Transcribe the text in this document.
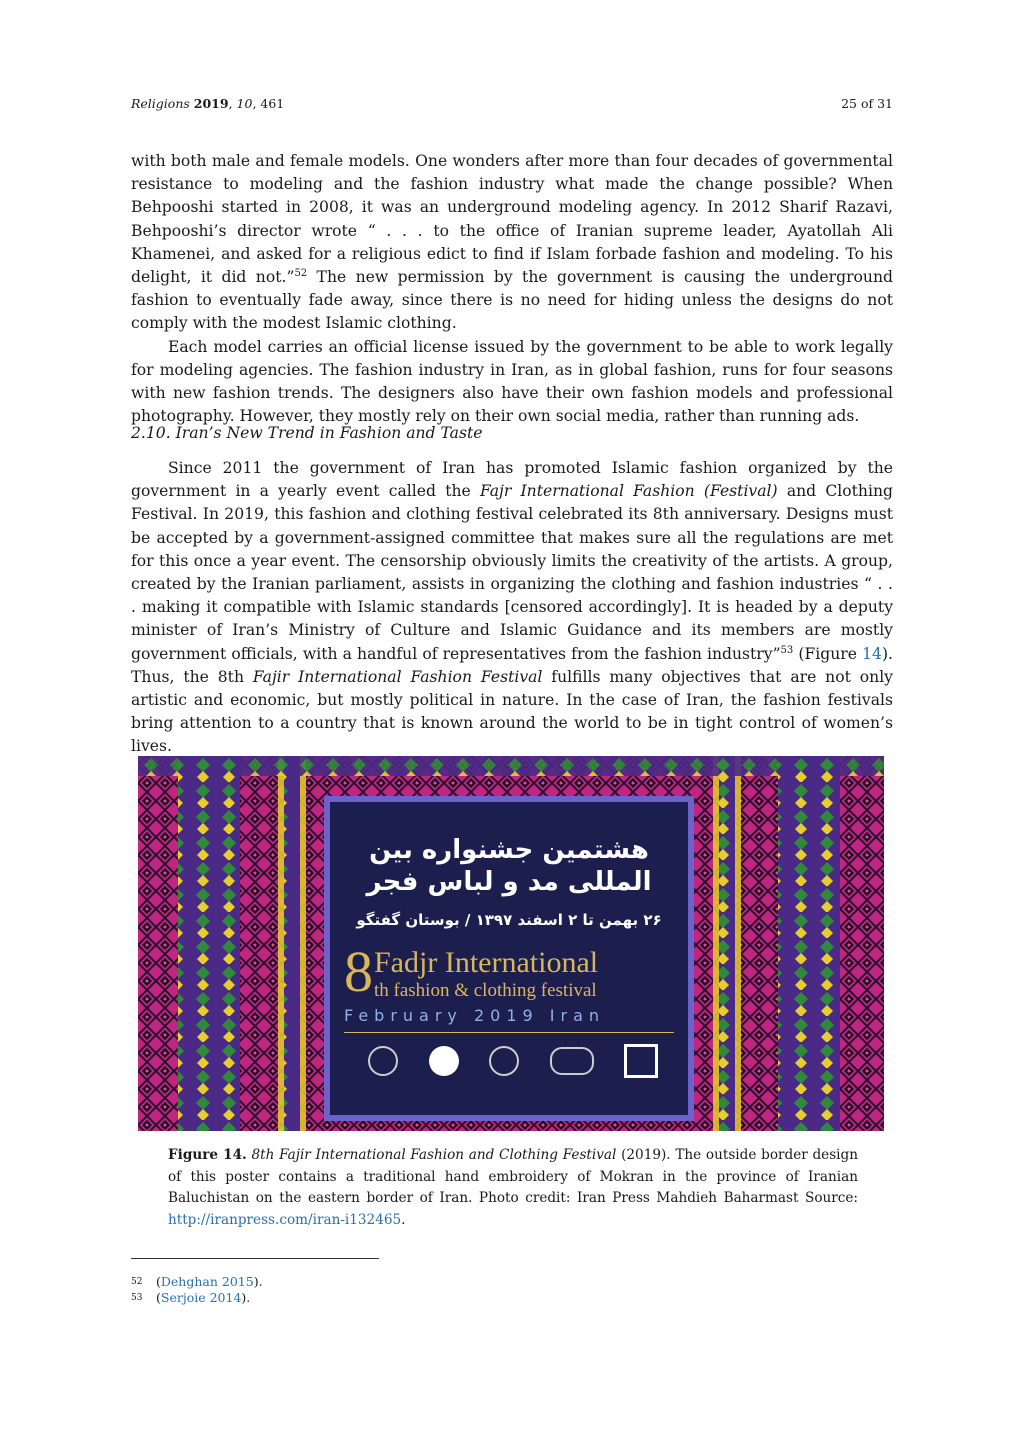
Religions 2019, 10, 461	25 of 31

with both male and female models. One wonders after more than four decades of governmental resistance to modeling and the fashion industry what made the change possible? When Behpooshi started in 2008, it was an underground modeling agency. In 2012 Sharif Razavi, Behpooshi’s director wrote “ . . . to the office of Iranian supreme leader, Ayatollah Ali Khamenei, and asked for a religious edict to find if Islam forbade fashion and modeling. To his delight, it did not.”$^{52}$ The new permission by the government is causing the underground fashion to eventually fade away, since there is no need for hiding unless the designs do not comply with the modest Islamic clothing.

Each model carries an official license issued by the government to be able to work legally for modeling agencies. The fashion industry in Iran, as in global fashion, runs for four seasons with new fashion trends. The designers also have their own fashion models and professional photography. However, they mostly rely on their own social media, rather than running ads.

2.10. Iran’s New Trend in Fashion and Taste

Since 2011 the government of Iran has promoted Islamic fashion organized by the government in a yearly event called the Fajr International Fashion (Festival) and Clothing Festival. In 2019, this fashion and clothing festival celebrated its 8th anniversary. Designs must be accepted by a government-assigned committee that makes sure all the regulations are met for this once a year event. The censorship obviously limits the creativity of the artists. A group, created by the Iranian parliament, assists in organizing the clothing and fashion industries “ . . . making it compatible with Islamic standards [censored accordingly]. It is headed by a deputy minister of Iran’s Ministry of Culture and Islamic Guidance and its members are mostly government officials, with a handful of representatives from the fashion industry”$^{53}$ (Figure 14). Thus, the 8th Fajir International Fashion Festival fulfills many objectives that are not only artistic and economic, but mostly political in nature. In the case of Iran, the fashion festivals bring attention to a country that is known around the world to be in tight control of women’s lives.

هشتمین جشنواره بین المللی مد و لباس فجر
۲۶ بهمن تا ۲ اسفند ۱۳۹۷ / بوستان گفتگو
8 Fadjr International
th fashion & clothing festival
February 2019 Iran
Figure 14. 8th Fajir International Fashion and Clothing Festival (2019). The outside border design of this poster contains a traditional hand embroidery of Mokran in the province of Iranian Baluchistan on the eastern border of Iran. Photo credit: Iran Press Mahdieh Baharmast Source: http://iranpress.com/iran-i132465.
52	(Dehghan 2015).
53	(Serjoie 2014).
